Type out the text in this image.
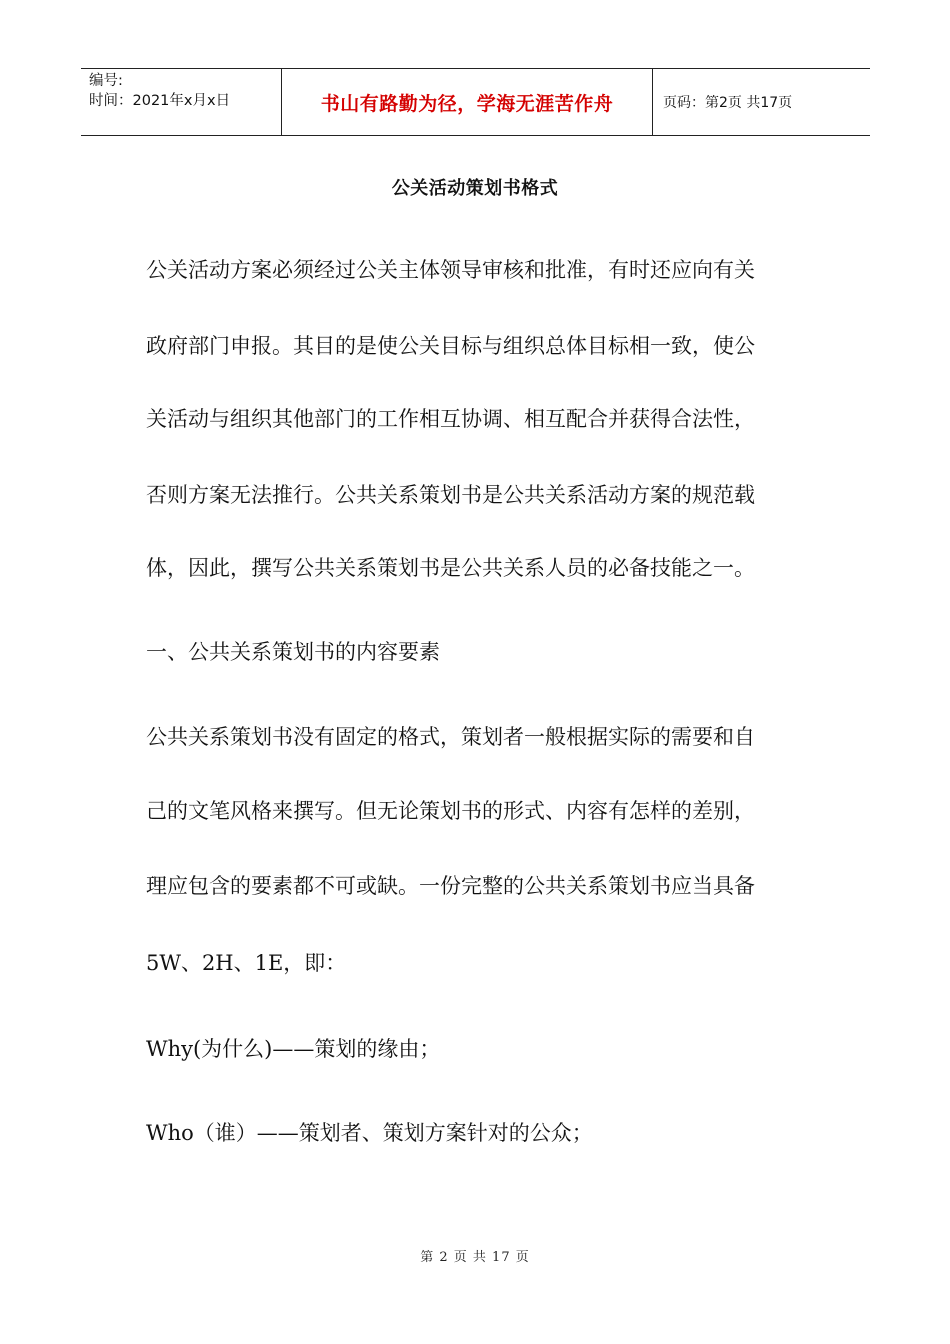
编号:
时间：2021年x月x日	书山有路勤为径，学海无涯苦作舟	页码：第2页 共17页
公关活动策划书格式
公关活动方案必须经过公关主体领导审核和批准，有时还应向有关
政府部门申报。其目的是使公关目标与组织总体目标相一致，使公
关活动与组织其他部门的工作相互协调、相互配合并获得合法性，
否则方案无法推行。公共关系策划书是公共关系活动方案的规范载
体，因此，撰写公共关系策划书是公共关系人员的必备技能之一。
一、公共关系策划书的内容要素
公共关系策划书没有固定的格式，策划者一般根据实际的需要和自
己的文笔风格来撰写。但无论策划书的形式、内容有怎样的差别，
理应包含的要素都不可或缺。一份完整的公共关系策划书应当具备
5W、2H、1E，即：
Why(为什么)——策划的缘由；
Who（谁）——策划者、策划方案针对的公众；
第 2 页 共 17 页
